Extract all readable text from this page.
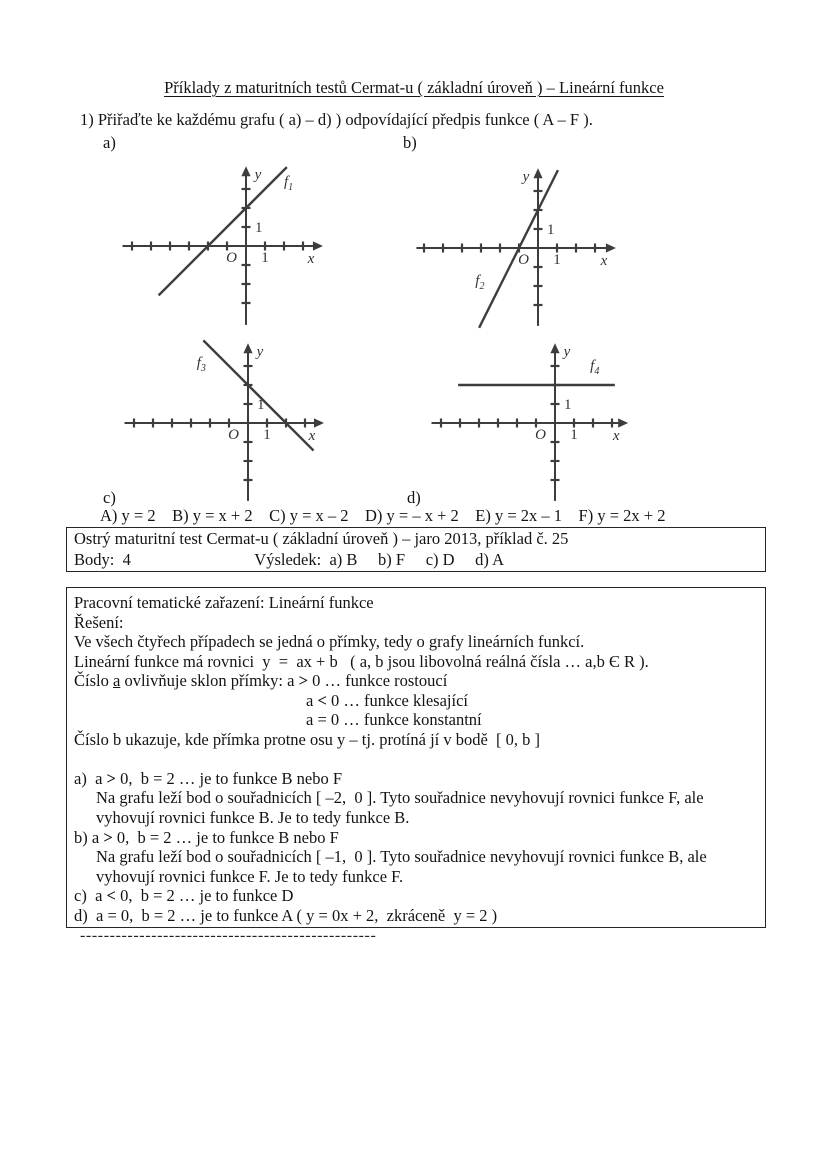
Příklady z maturitních testů Cermat-u ( základní úroveň ) – Lineární funkce
1) Přiřaďte ke každému grafu ( a) – d) ) odpovídající předpis funkce ( A – F ).
a)	b)
c)	d)
x
y
O 1
1
$f_1$
x
y
O 1
1
$f_2$
x
y
O 1
1
$f_3$
x
y
O 1
1
$f_4$
A) y = 2    B) y = x + 2    C) y = x – 2    D) y = – x + 2    E) y = 2x – 1    F) y = 2x + 2
Ostrý maturitní test Cermat-u ( základní úroveň ) – jaro 2013, příklad č. 25
Body:  4                              Výsledek:  a) B     b) F     c) D     d) A
Pracovní tematické zařazení: Lineární funkce
Řešení:
Ve všech čtyřech případech se jedná o přímky, tedy o grafy lineárních funkcí.
Lineární funkce má rovnici  y  =  ax + b   ( a, b jsou libovolná reálná čísla … a,b Є R ).
Číslo a ovlivňuje sklon přímky: a > 0 … funkce rostoucí
a < 0 … funkce klesající
a = 0 … funkce konstantní
Číslo b ukazuje, kde přímka protne osu y – tj. protíná jí v bodě  [ 0, b ]

a)  a > 0,  b = 2 … je to funkce B nebo F
Na grafu leží bod o souřadnicích [ –2,  0 ]. Tyto souřadnice nevyhovují rovnici funkce F, ale
vyhovují rovnici funkce B. Je to tedy funkce B.
b) a > 0,  b = 2 … je to funkce B nebo F
Na grafu leží bod o souřadnicích [ –1,  0 ]. Tyto souřadnice nevyhovují rovnici funkce B, ale
vyhovují rovnici funkce F. Je to tedy funkce F.
c)  a < 0,  b = 2 … je to funkce D
d)  a = 0,  b = 2 … je to funkce A ( y = 0x + 2,  zkráceně  y = 2 )
--------------------------------------------------
